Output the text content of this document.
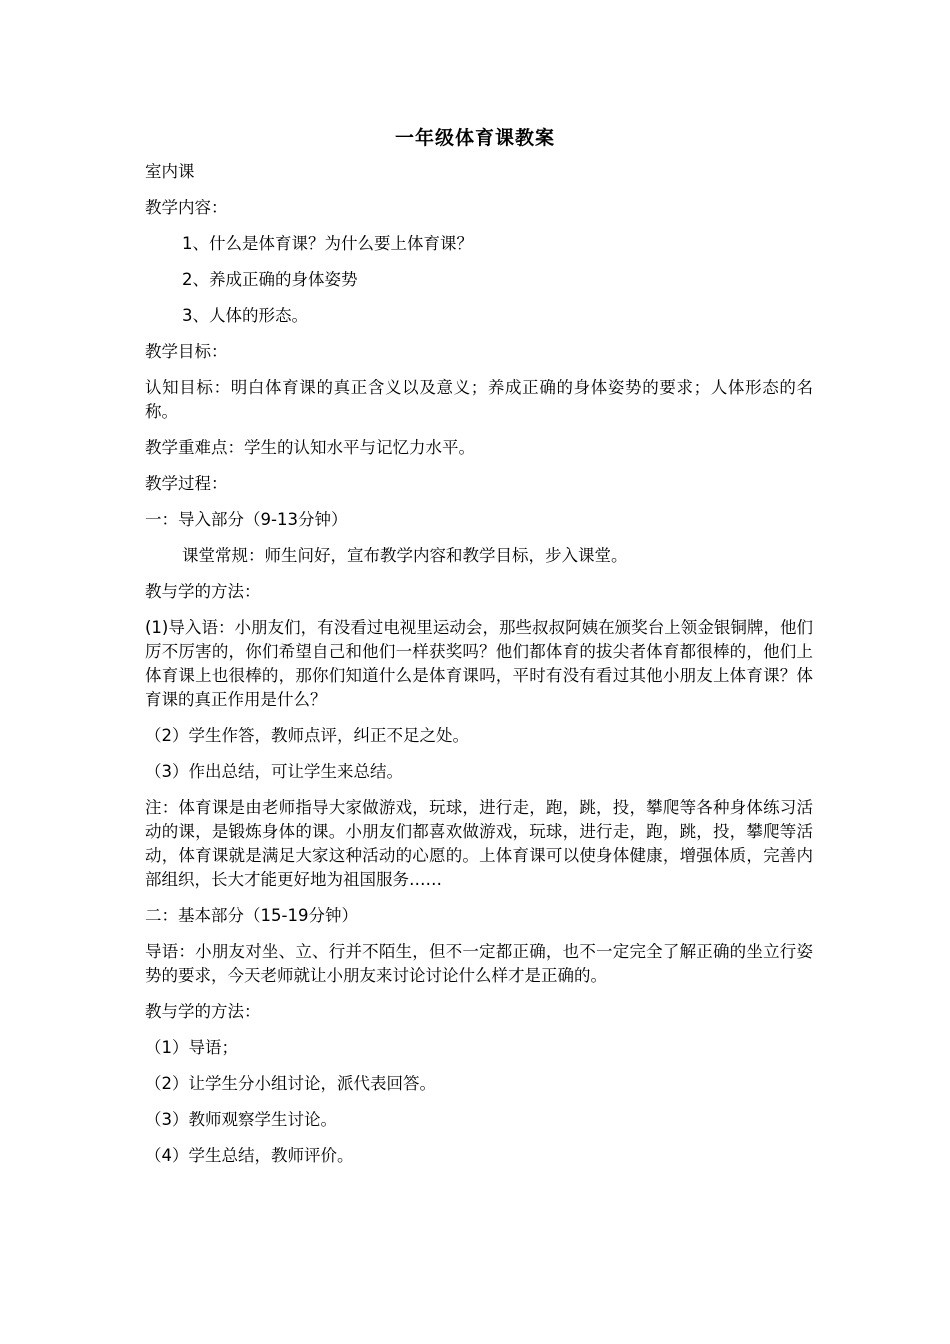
一年级体育课教案

室内课

教学内容：

1、什么是体育课？为什么要上体育课？

2、养成正确的身体姿势

3、人体的形态。

教学目标：

认知目标：明白体育课的真正含义以及意义；养成正确的身体姿势的要求；人体形态的名称。

教学重难点：学生的认知水平与记忆力水平。

教学过程：

一：导入部分（9-13分钟）

课堂常规：师生问好，宣布教学内容和教学目标，步入课堂。

教与学的方法：

(1)导入语：小朋友们，有没看过电视里运动会，那些叔叔阿姨在颁奖台上领金银铜牌，他们厉不厉害的，你们希望自己和他们一样获奖吗？他们都体育的拔尖者体育都很棒的，他们上体育课上也很棒的，那你们知道什么是体育课吗，平时有没有看过其他小朋友上体育课？体育课的真正作用是什么？

（2）学生作答，教师点评，纠正不足之处。

（3）作出总结，可让学生来总结。

注：体育课是由老师指导大家做游戏，玩球，进行走，跑，跳，投，攀爬等各种身体练习活动的课，是锻炼身体的课。小朋友们都喜欢做游戏，玩球，进行走，跑，跳，投，攀爬等活动，体育课就是满足大家这种活动的心愿的。上体育课可以使身体健康，增强体质，完善内部组织，长大才能更好地为祖国服务……

二：基本部分（15-19分钟）

导语：小朋友对坐、立、行并不陌生，但不一定都正确，也不一定完全了解正确的坐立行姿势的要求，今天老师就让小朋友来讨论讨论什么样才是正确的。

教与学的方法：

（1）导语；

（2）让学生分小组讨论，派代表回答。

（3）教师观察学生讨论。

（4）学生总结，教师评价。
